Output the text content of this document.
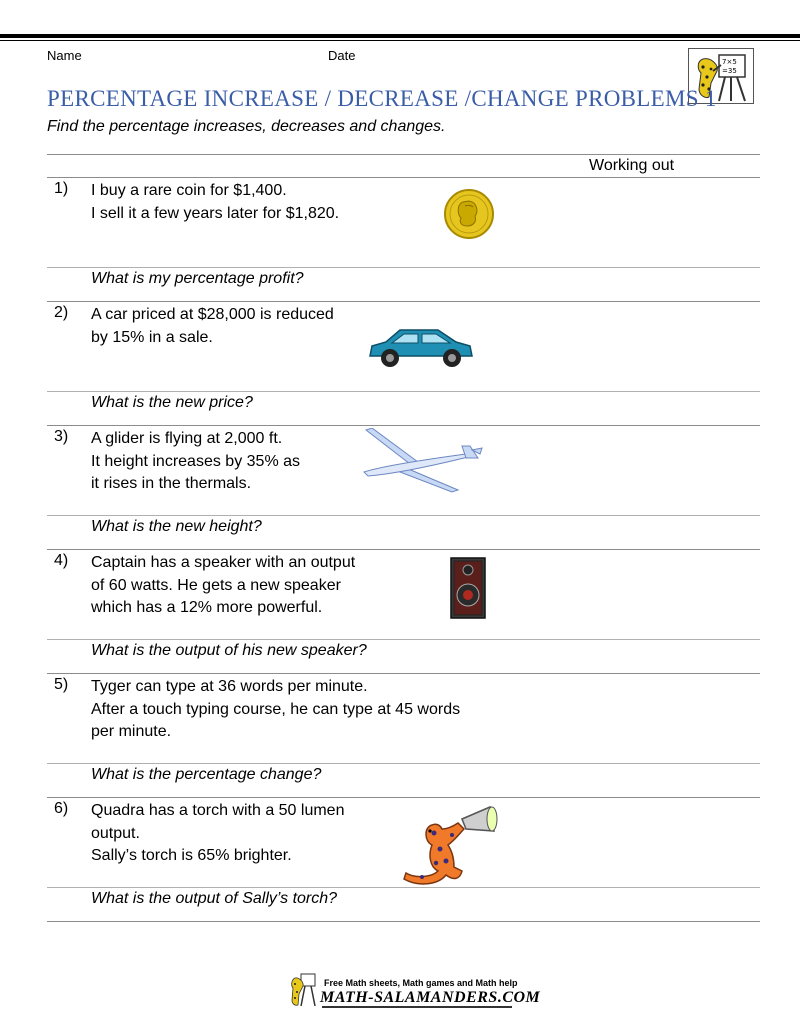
Name	Date	7×5
=35
PERCENTAGE INCREASE / DECREASE /CHANGE PROBLEMS 1
Find the percentage increases, decreases and changes.
Working out
1) I buy a rare coin for $1,400.
I sell it a few years later for $1,820.
What is my percentage profit?
2) A car priced at $28,000 is reduced
by 15% in a sale.
What is the new price?
3) A glider is flying at 2,000 ft.
It height increases by 35% as
it rises in the thermals.
What is the new height?
4) Captain has a speaker with an output
of 60 watts. He gets a new speaker
which has a 12% more powerful.
What is the output of his new speaker?
5) Tyger can type at 36 words per minute.
After a touch typing course, he can type at 45 words
per minute.
What is the percentage change?
6) Quadra has a torch with a 50 lumen
output.
Sally’s torch is 65% brighter.
What is the output of Sally’s torch?
Free Math sheets, Math games and Math help
MATH-SALAMANDERS.COM
